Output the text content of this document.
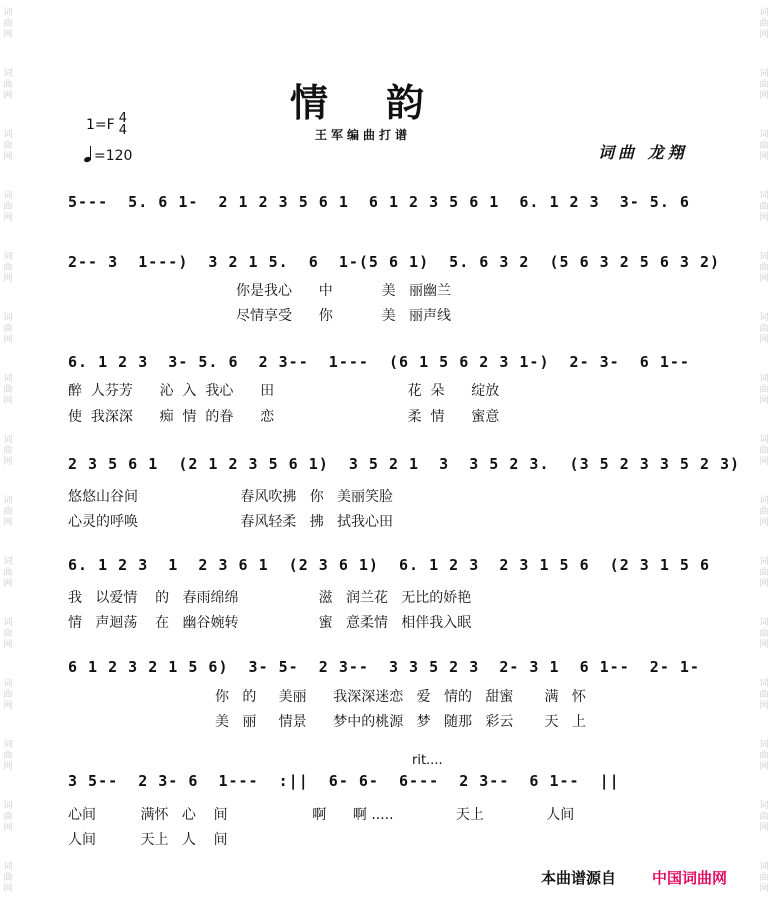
词
曲
网
词
曲
网
词
曲
网
词
曲
网
词
曲
网
词
曲
网
词
曲
网
词
曲
网
词
曲
网
词
曲
网
词
曲
网
词
曲
网
词
曲
网
词
曲
网
词
曲
网
词
曲
网
词
曲
网
词
曲
网
词
曲
网
词
曲
网
词
曲
网
词
曲
网
词
曲
网
词
曲
网
词
曲
网
词
曲
网
词
曲
网
词
曲
网
词
曲
网
词
曲
网
情韵
王军编曲打谱
1=F 4
4
=120	词曲 龙翔
5---  5. 6 1-  2 1 2 3 5 6 1  6 1 2 3 5 6 1  6. 1 2 3  3- 5. 6
2-- 3  1---)  3 2 1 5.  6  1-(5 6 1)  5. 6 3 2  (5 6 3 2 5 6 3 2)
你是我心      中           美   丽幽兰
尽情享受      你           美   丽声线
6. 1 2 3  3- 5. 6  2 3--  1---  (6 1 5 6 2 3 1-)  2- 3-  6 1--
醉  人芬芳      沁  入  我心      田                              花  朵      绽放
使  我深深      痴  情  的眷      恋                              柔  情      蜜意
2 3 5 6 1  (2 1 2 3 5 6 1)  3 5 2 1  3  3 5 2 3.  (3 5 2 3 3 5 2 3)
悠悠山谷间                       春风吹拂   你   美丽笑脸
心灵的呼唤                       春风轻柔   拂   拭我心田
6. 1 2 3  1  2 3 6 1  (2 3 6 1)  6. 1 2 3  2 3 1 5 6  (2 3 1 5 6
我   以爱情    的   春雨绵绵                  滋   润兰花   无比的娇艳
情   声迴荡    在   幽谷婉转                  蜜   意柔情   相伴我入眠
6 1 2 3 2 1 5 6)  3- 5-  2 3--  3 3 5 2 3  2- 3 1  6 1--  2- 1-
你   的     美丽      我深深迷恋   爱   情的   甜蜜       满   怀
美   丽     情景      梦中的桃源   梦   随那   彩云       天   上
rit....
3 5--  2 3- 6  1---  :||  6- 6-  6---  2 3--  6 1--  ||
心间          满怀   心    间                   啊      啊 .....              天上              人间
人间          天上   人    间
本曲谱源自 中国词曲网
